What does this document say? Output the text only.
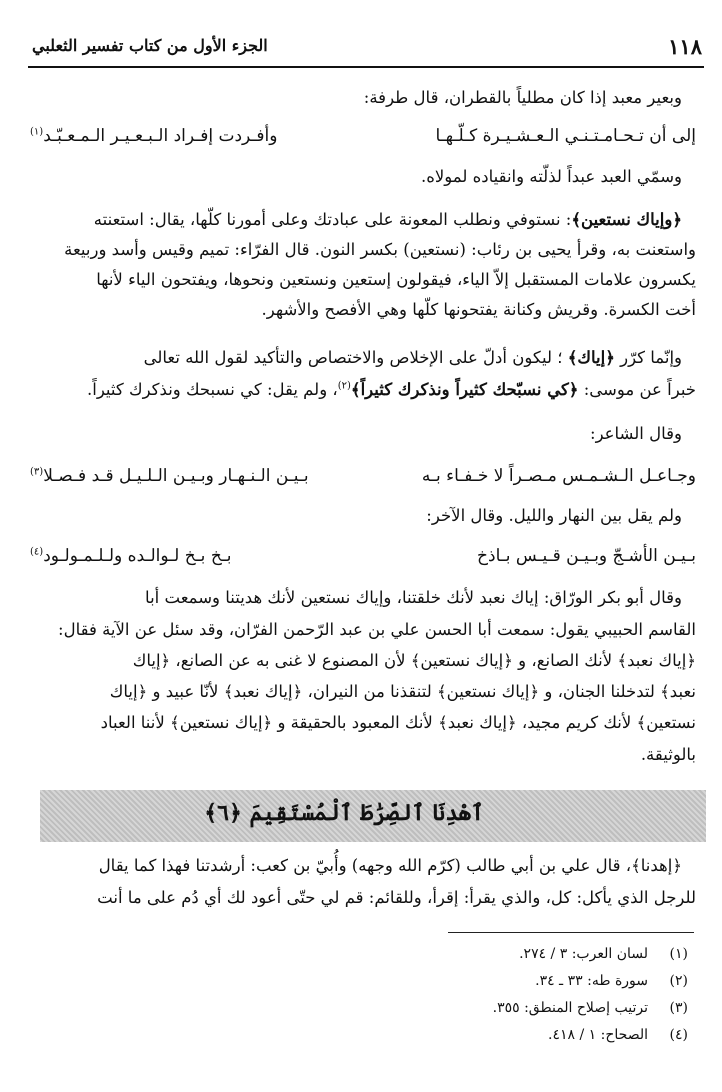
١١٨
الجزء الأول من كتاب تفسير الثعلبي
وبعير معبد إذا كان مطلياً بالقطران، قال طرفة:
إلى أن تـحـامـتـنـي الـعـشـيـرة كـلّـهـا
وأفـردت إفـراد الـبـعـيـر الـمـعـبّـد$^{(١)}$
وسمّي العبد عبداً لذلّته وانقياده لمولاه.
﴿وإياك نستعين﴾: نستوفي ونطلب المعونة على عبادتك وعلى أمورنا كلّها، يقال: استعنته
واستعنت به، وقرأ يحيى بن رئاب: (نستعين) بكسر النون. قال الفرّاء: تميم وقيس وأسد وربيعة
يكسرون علامات المستقبل إلاّ الياء، فيقولون إستعين ونستعين ونحوها، ويفتحون الياء لأنها
أخت الكسرة. وقريش وكنانة يفتحونها كلّها وهي الأفصح والأشهر.
وإنّما كرّر ﴿إياك﴾ ؛ ليكون أدلّ على الإخلاص والاختصاص والتأكيد لقول الله تعالى
خبراً عن موسى: ﴿كي نسبّحك كثيراً ونذكرك كثيراً﴾$^{(٢)}$، ولم يقل: كي نسبحك ونذكرك كثيراً.
وقال الشاعر:
وجـاعـل الـشـمـس مـصـراً لا خـفـاء بـه
بـيـن الـنـهـار وبـيـن الـلـيـل قـد فـصـلا$^{(٣)}$
ولم يقل بين النهار والليل. وقال الآخر:
بـيـن الأشـجّ وبـيـن قـيـس بـاذخ
بـخ بـخ لـوالـده ولـلـمـولـود$^{(٤)}$
وقال أبو بكر الورّاق: إياك نعبد لأنك خلقتنا، وإياك نستعين لأنك هديتنا وسمعت أبا
القاسم الحبيبي يقول: سمعت أبا الحسن علي بن عبد الرّحمن الفرّان، وقد سئل عن الآية فقال:
﴿إياك نعبد﴾ لأنك الصانع، و ﴿إياك نستعين﴾ لأن المصنوع لا غنى به عن الصانع، ﴿إياك
نعبد﴾ لتدخلنا الجنان، و ﴿إياك نستعين﴾ لتنقذنا من النيران، ﴿إياك نعبد﴾ لأنّا عبيد و ﴿إياك
نستعين﴾ لأنك كريم مجيد، ﴿إياك نعبد﴾ لأنك المعبود بالحقيقة و ﴿إياك نستعين﴾ لأننا العباد
بالوثيقة.
ٱهْدِنَا ٱلصِّرَٰطَ ٱلْمُسْتَقِيمَ ﴿٦﴾
﴿إهدنا﴾، قال علي بن أبي طالب (كرّم الله وجهه) وأُبيّ بن كعب: أرشدتنا فهذا كما يقال
للرجل الذي يأكل: كل، والذي يقرأ: إقرأ، وللقائم: قم لي حتّى أعود لك أي دُم على ما أنت
(١)لسان العرب: ٣ / ٢٧٤.
(٢)سورة طه: ٣٣ ـ ٣٤.
(٣)ترتيب إصلاح المنطق: ٣٥٥.
(٤)الصحاح: ١ / ٤١٨.
